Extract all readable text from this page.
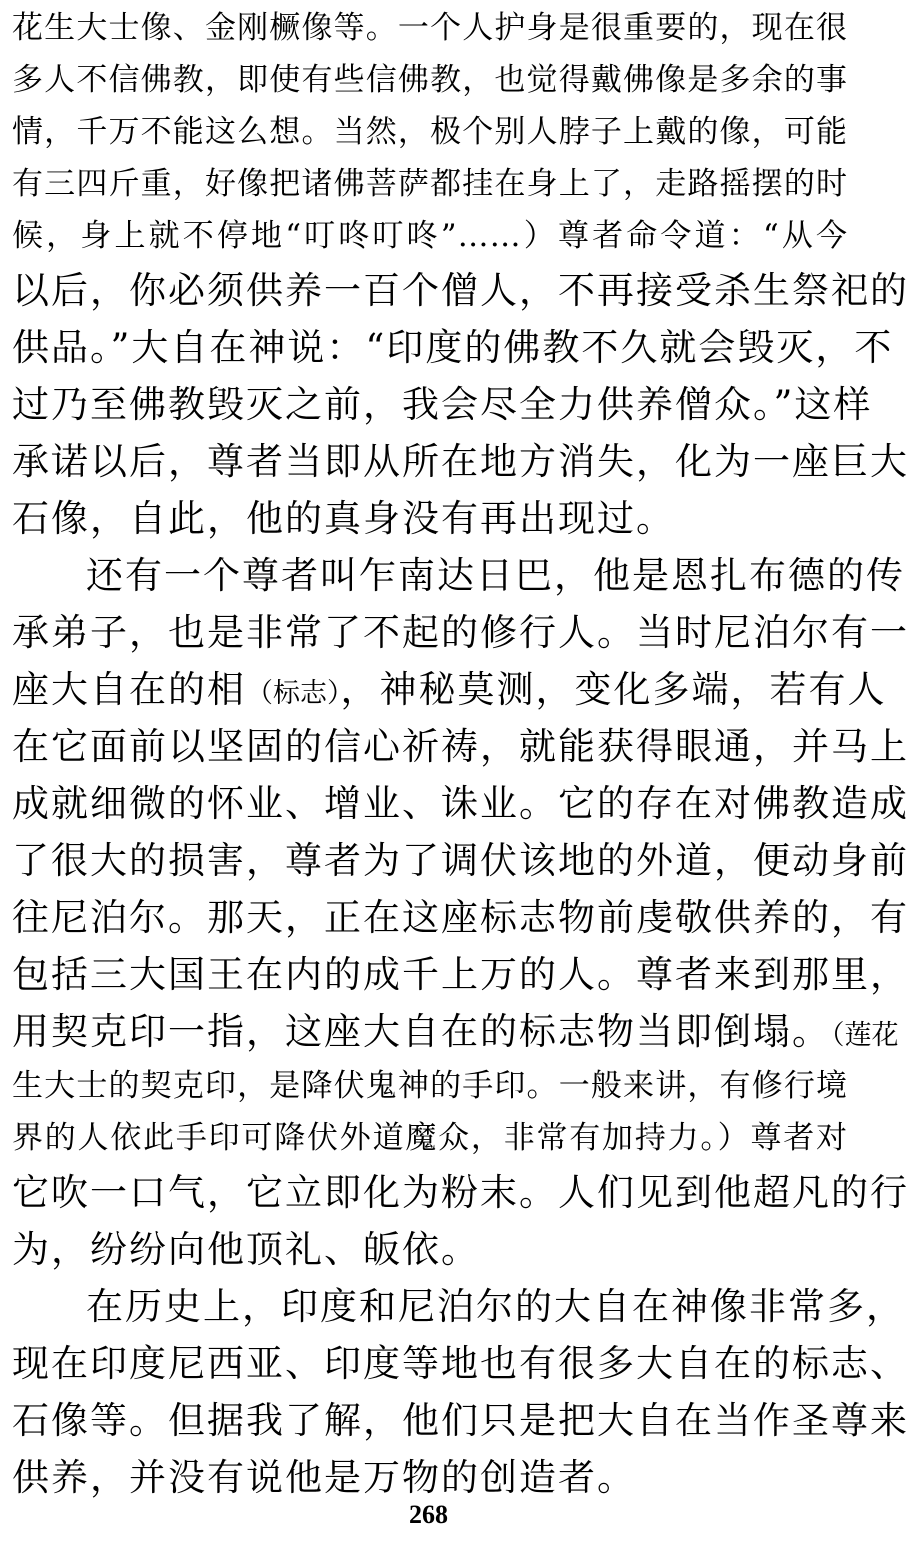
花生大士像、金刚橛像等。一个人护身是很重要的，现在很
多人不信佛教，即使有些信佛教，也觉得戴佛像是多余的事
情，千万不能这么想。当然，极个别人脖子上戴的像，可能
有三四斤重，好像把诸佛菩萨都挂在身上了，走路摇摆的时
候，身上就不停地“叮咚叮咚”……）尊者命令道：“从今
以后，你必须供养一百个僧人，不再接受杀生祭祀的
供品。”大自在神说：“印度的佛教不久就会毁灭，不
过乃至佛教毁灭之前，我会尽全力供养僧众。”这样
承诺以后，尊者当即从所在地方消失，化为一座巨大
石像，自此，他的真身没有再出现过。
还有一个尊者叫乍南达日巴，他是恩扎布德的传
承弟子，也是非常了不起的修行人。当时尼泊尔有一
座大自在的相（标志），神秘莫测，变化多端，若有人
在它面前以坚固的信心祈祷，就能获得眼通，并马上
成就细微的怀业、增业、诛业。它的存在对佛教造成
了很大的损害，尊者为了调伏该地的外道，便动身前
往尼泊尔。那天，正在这座标志物前虔敬供养的，有
包括三大国王在内的成千上万的人。尊者来到那里，
用契克印一指，这座大自在的标志物当即倒塌。（莲花
生大士的契克印，是降伏鬼神的手印。一般来讲，有修行境
界的人依此手印可降伏外道魔众，非常有加持力。）尊者对
它吹一口气，它立即化为粉末。人们见到他超凡的行
为，纷纷向他顶礼、皈依。
在历史上，印度和尼泊尔的大自在神像非常多，
现在印度尼西亚、印度等地也有很多大自在的标志、
石像等。但据我了解，他们只是把大自在当作圣尊来
供养，并没有说他是万物的创造者。
268
